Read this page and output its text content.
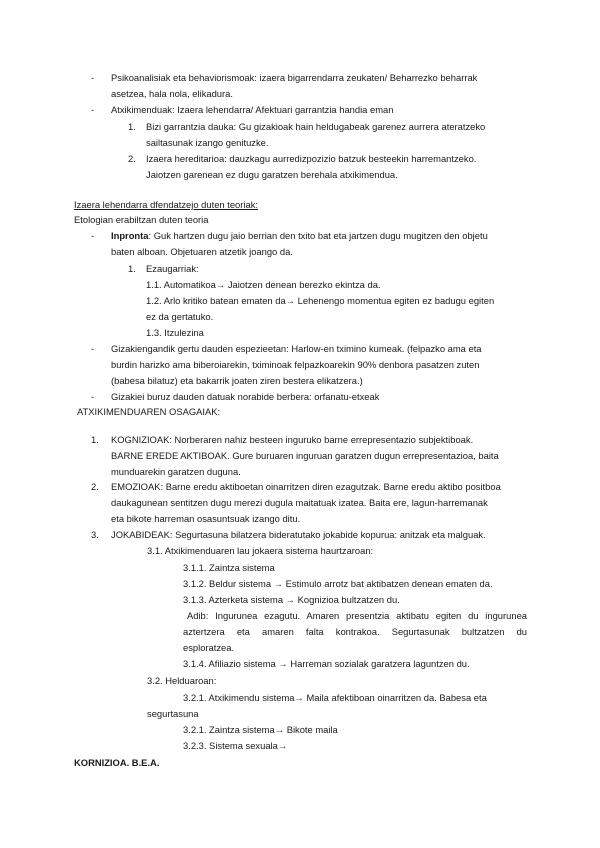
- Psikoanalisiak eta behaviorismoak: izaera bigarrendarra zeukaten/ Beharrezko beharrak
asetzea, hala nola, elikadura.
- Atxikimenduak: Izaera lehendarra/ Afektuari garrantzia handia eman
1. Bizi garrantzia dauka: Gu gizakioak hain heldugabeak garenez aurrera ateratzeko
sailtasunak izango genituzke.
2. Izaera hereditarioa: dauzkagu aurredizpozizio batzuk besteekin harremantzeko.
Jaiotzen garenean ez dugu garatzen berehala atxikimendua.
Izaera lehendarra dfendatzejo duten teoriak:
Etologian erabiltzan duten teoria
- Inpronta: Guk hartzen dugu jaio berrian den txito bat eta jartzen dugu mugitzen den objetu
baten alboan. Objetuaren atzetik joango da.
1. Ezaugarriak:
1.1. Automatikoa→ Jaiotzen denean berezko ekintza da.
1.2. Arlo kritiko batean ematen da→ Lehenengo momentua egiten ez badugu egiten
ez da gertatuko.
1.3. Itzulezina
- Gizakiengandik gertu dauden espezieetan: Harlow-en tximino kumeak. (felpazko ama eta
burdin harizko ama biberoiarekin, tximinoak felpazkoarekin 90% denbora pasatzen zuten
(babesa bilatuz) eta bakarrik joaten ziren bestera elikatzera.)
- Gizakiei buruz dauden datuak norabide berbera: orfanatu-etxeak
ATXIKIMENDUAREN OSAGAIAK:
1. KOGNIZIOAK: Norberaren nahiz besteen inguruko barne errepresentazio subjektiboak.
BARNE EREDE AKTIBOAK. Gure buruaren inguruan garatzen dugun errepresentazioa, baita
munduarekin garatzen duguna.
2. EMOZIOAK: Barne eredu aktiboetan oinarritzen diren ezagutzak. Barne eredu aktibo positboa
daukagunean sentitzen dugu merezi dugula maitatuak izatea. Baita ere, lagun-harremanak
eta bikote harreman osasuntsuak izango ditu.
3. JOKABIDEAK: Segurtasuna bilatzera bideratutako jokabide kopurua: anitzak eta malguak.
3.1. Atxikimenduaren lau jokaera sistema haurtzaroan:
3.1.1. Zaintza sistema
3.1.2. Beldur sistema → Estimulo arrotz bat aktibatzen denean ematen da.
3.1.3. Azterketa sistema → Kognizioa bultzatzen du.
Adib: Ingurunea ezagutu. Amaren presentzia aktibatu egiten du ingurunea
aztertzera eta amaren falta kontrakoa. Segurtasunak bultzatzen du
esploratzea.
3.1.4. Afiliazio sistema → Harreman sozialak garatzera laguntzen du.
3.2. Helduaroan:
3.2.1. Atxikimendu sistema→ Maila afektiboan oinarritzen da. Babesa eta
segurtasuna
3.2.1. Zaintza sistema→ Bikote maila
3.2.3. Sistema sexuala→
KORNIZIOA. B.E.A.
